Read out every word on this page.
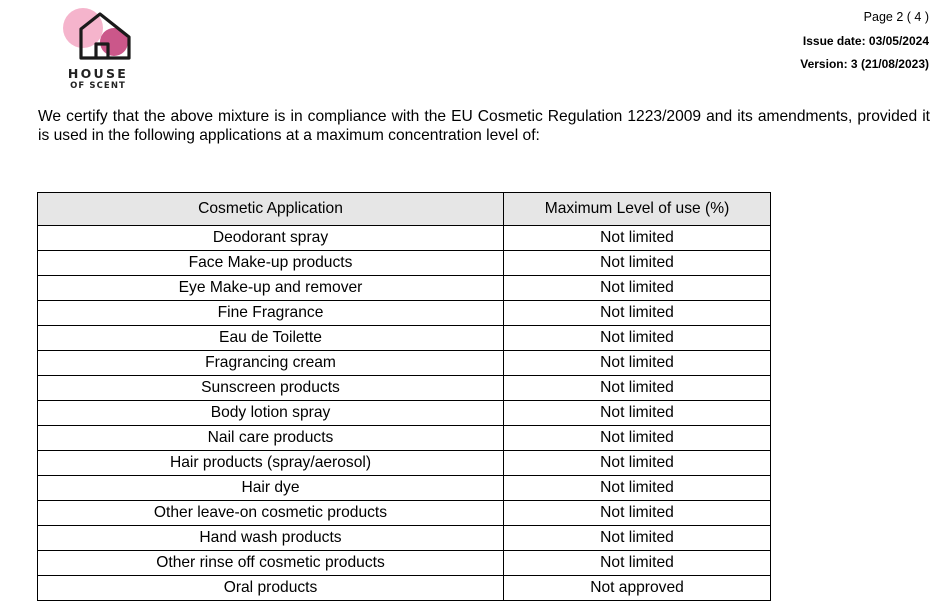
HOUSE
OF SCENT
Page 2 ( 4 )
Issue date: 03/05/2024
Version: 3 (21/08/2023)
We certify that the above mixture is in compliance with the EU Cosmetic Regulation 1223/2009 and its amendments, provided it is used in the following applications at a maximum concentration level of:
Cosmetic Application	Maximum Level of use (%)
Deodorant spray	Not limited
Face Make-up products	Not limited
Eye Make-up and remover	Not limited
Fine Fragrance	Not limited
Eau de Toilette	Not limited
Fragrancing cream	Not limited
Sunscreen products	Not limited
Body lotion spray	Not limited
Nail care products	Not limited
Hair products (spray/aerosol)	Not limited
Hair dye	Not limited
Other leave-on cosmetic products	Not limited
Hand wash products	Not limited
Other rinse off cosmetic products	Not limited
Oral products	Not approved
